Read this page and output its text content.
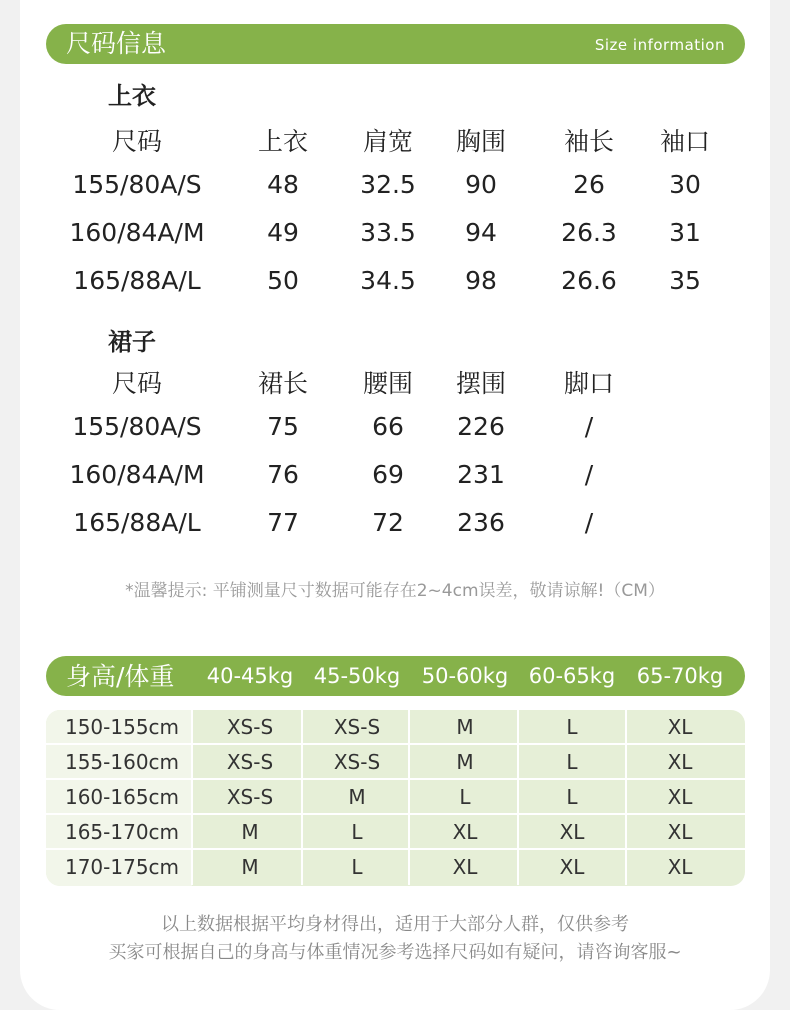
尺码信息	Size information
上衣
尺码	上衣 肩宽 胸围 袖长 袖口
155/80A/S	48 32.5 90	26	30
160/84A/M	49 33.5 94	26.3 31
165/88A/L	50 34.5 98	26.6 35
裙子
尺码	裙长 腰围 摆围 脚口
155/80A/S	75	66 226	/
160/84A/M	76	69 231	/
165/88A/L	77	72 236	/
*温馨提示: 平铺测量尺寸数据可能存在2~4cm误差，敬请谅解!（CM）
身高/体重 40-45kg 45-50kg 50-60kg 60-65kg 65-70kg
150-155cm XS-S	XS-S	M	L	XL
155-160cm XS-S	XS-S	M	L	XL
160-165cm XS-S	M	L	L	XL
165-170cm	M	L	XL	XL	XL
170-175cm	M	L	XL	XL	XL
以上数据根据平均身材得出，适用于大部分人群，仅供参考
买家可根据自己的身高与体重情况参考选择尺码如有疑问，请咨询客服~
